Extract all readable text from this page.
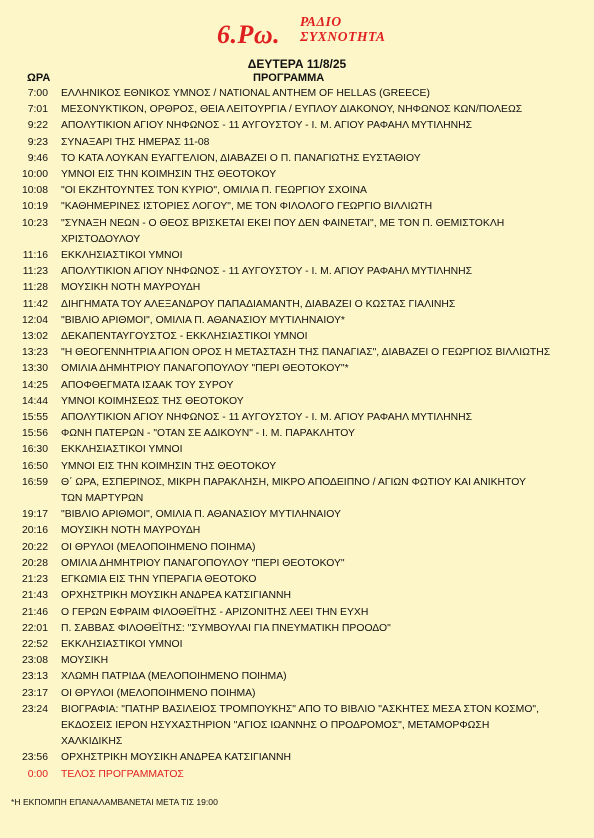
6.Ρω. ΡΑΔΙΟ
ΣΥΧΝΟΤΗΤΑ
ΔΕΥΤΕΡΑ 11/8/25
ΩΡΑ	ΠΡΟΓΡΑΜΜΑ
7:00 ΕΛΛΗΝΙΚΟΣ ΕΘΝΙΚΟΣ ΥΜΝΟΣ / NATIONAL ANTHEM OF HELLAS (GREECE)
7:01 ΜΕΣΟΝΥΚΤΙΚΟΝ, ΟΡΘΡΟΣ, ΘΕΙΑ ΛΕΙΤΟΥΡΓΙΑ / ΕΥΠΛΟΥ ΔΙΑΚΟΝΟΥ, ΝΗΦΩΝΟΣ ΚΩΝ/ΠΟΛΕΩΣ
9:22 ΑΠΟΛΥΤΙΚΙΟΝ ΑΓΙΟΥ ΝΗΦΩΝΟΣ - 11 ΑΥΓΟΥΣΤΟΥ - Ι. Μ. ΑΓΙΟΥ ΡΑΦΑΗΛ ΜΥΤΙΛΗΝΗΣ
9:23 ΣΥΝΑΞΑΡΙ ΤΗΣ ΗΜΕΡΑΣ 11-08
9:46 ΤΟ ΚΑΤΑ ΛΟΥΚΑΝ ΕΥΑΓΓΕΛΙΟΝ, ΔΙΑΒΑΖΕΙ Ο Π. ΠΑΝΑΓΙΩΤΗΣ ΕΥΣΤΑΘΙΟΥ
10:00 ΥΜΝΟΙ ΕΙΣ ΤΗΝ ΚΟΙΜΗΣΙΝ ΤΗΣ ΘΕΟΤΟΚΟΥ
10:08 "ΟΙ ΕΚΖΗΤΟΥΝΤΕΣ ΤΟΝ ΚΥΡΙΟ", ΟΜΙΛΙΑ Π. ΓΕΩΡΓΙΟΥ ΣΧΟΙΝΑ
10:19 "ΚΑΘΗΜΕΡΙΝΕΣ ΙΣΤΟΡΙΕΣ ΛΟΓΟΥ", ΜΕ ΤΟΝ ΦΙΛΟΛΟΓΟ ΓΕΩΡΓΙΟ ΒΙΛΛΙΩΤΗ
10:23 "ΣΥΝΑΞΗ ΝΕΩΝ - Ο ΘΕΟΣ ΒΡΙΣΚΕΤΑΙ ΕΚΕΙ ΠΟΥ ΔΕΝ ΦΑΙΝΕΤΑΙ", ΜΕ ΤΟΝ Π. ΘΕΜΙΣΤΟΚΛΗ
ΧΡΙΣΤΟΔΟΥΛΟΥ
11:16 ΕΚΚΛΗΣΙΑΣΤΙΚΟΙ ΥΜΝΟΙ
11:23 ΑΠΟΛΥΤΙΚΙΟΝ ΑΓΙΟΥ ΝΗΦΩΝΟΣ - 11 ΑΥΓΟΥΣΤΟΥ - Ι. Μ. ΑΓΙΟΥ ΡΑΦΑΗΛ ΜΥΤΙΛΗΝΗΣ
11:28 ΜΟΥΣΙΚΗ ΝΟΤΗ ΜΑΥΡΟΥΔΗ
11:42 ΔΙΗΓΗΜΑΤΑ ΤΟΥ ΑΛΕΞΑΝΔΡΟΥ ΠΑΠΑΔΙΑΜΑΝΤΗ, ΔΙΑΒΑΖΕΙ Ο ΚΩΣΤΑΣ ΓΙΑΛΙΝΗΣ
12:04 "ΒΙΒΛΙΟ ΑΡΙΘΜΟΙ", ΟΜΙΛΙΑ Π. ΑΘΑΝΑΣΙΟΥ ΜΥΤΙΛΗΝΑΙΟΥ*
13:02 ΔΕΚΑΠΕΝΤΑΥΓΟΥΣΤΟΣ - ΕΚΚΛΗΣΙΑΣΤΙΚΟΙ ΥΜΝΟΙ
13:23 "Η ΘΕΟΓΕΝΝΗΤΡΙΑ ΑΓΙΟΝ ΟΡΟΣ Η ΜΕΤΑΣΤΑΣΗ ΤΗΣ ΠΑΝΑΓΙΑΣ", ΔΙΑΒΑΖΕΙ Ο ΓΕΩΡΓΙΟΣ ΒΙΛΛΙΩΤΗΣ
13:30 ΟΜΙΛΙΑ ΔΗΜΗΤΡΙΟΥ ΠΑΝΑΓΟΠΟΥΛΟΥ "ΠΕΡΙ ΘΕΟΤΟΚΟΥ"*
14:25 ΑΠΟΦΘΕΓΜΑΤΑ ΙΣΑΑΚ ΤΟΥ ΣΥΡΟΥ
14:44 ΥΜΝΟΙ ΚΟΙΜΗΣΕΩΣ ΤΗΣ ΘΕΟΤΟΚΟΥ
15:55 ΑΠΟΛΥΤΙΚΙΟΝ ΑΓΙΟΥ ΝΗΦΩΝΟΣ - 11 ΑΥΓΟΥΣΤΟΥ - Ι. Μ. ΑΓΙΟΥ ΡΑΦΑΗΛ ΜΥΤΙΛΗΝΗΣ
15:56 ΦΩΝΗ ΠΑΤΕΡΩΝ - "ΟΤΑΝ ΣΕ ΑΔΙΚΟΥΝ" - Ι. Μ. ΠΑΡΑΚΛΗΤΟΥ
16:30 ΕΚΚΛΗΣΙΑΣΤΙΚΟΙ ΥΜΝΟΙ
16:50 ΥΜΝΟΙ ΕΙΣ ΤΗΝ ΚΟΙΜΗΣΙΝ ΤΗΣ ΘΕΟΤΟΚΟΥ
16:59 Θ΄ ΩΡΑ, ΕΣΠΕΡΙΝΟΣ, ΜΙΚΡΗ ΠΑΡΑΚΛΗΣΗ, ΜΙΚΡΟ ΑΠΟΔΕΙΠΝΟ / ΑΓΙΩΝ ΦΩΤΙΟΥ ΚΑΙ ΑΝΙΚΗΤΟΥ
ΤΩΝ ΜΑΡΤΥΡΩΝ
19:17 "ΒΙΒΛΙΟ ΑΡΙΘΜΟΙ", ΟΜΙΛΙΑ Π. ΑΘΑΝΑΣΙΟΥ ΜΥΤΙΛΗΝΑΙΟΥ
20:16 ΜΟΥΣΙΚΗ ΝΟΤΗ ΜΑΥΡΟΥΔΗ
20:22 ΟΙ ΘΡΥΛΟΙ (ΜΕΛΟΠΟΙΗΜΕΝΟ ΠΟΙΗΜΑ)
20:28 ΟΜΙΛΙΑ ΔΗΜΗΤΡΙΟΥ ΠΑΝΑΓΟΠΟΥΛΟΥ "ΠΕΡΙ ΘΕΟΤΟΚΟΥ"
21:23 ΕΓΚΩΜΙΑ ΕΙΣ ΤΗΝ ΥΠΕΡΑΓΙΑ ΘΕΟΤΟΚΟ
21:43 ΟΡΧΗΣΤΡΙΚΗ ΜΟΥΣΙΚΗ ΑΝΔΡΕΑ ΚΑΤΣΙΓΙΑΝΝΗ
21:46 Ο ΓΕΡΩΝ ΕΦΡΑΙΜ ΦΙΛΟΘΕΪΤΗΣ - ΑΡΙΖΟΝΙΤΗΣ ΛΕΕΙ ΤΗΝ ΕΥΧΗ
22:01 Π. ΣΑΒΒΑΣ ΦΙΛΟΘΕΪΤΗΣ: "ΣΥΜΒΟΥΛΑΙ ΓΙΑ ΠΝΕΥΜΑΤΙΚΗ ΠΡΟΟΔΟ"
22:52 ΕΚΚΛΗΣΙΑΣΤΙΚΟΙ ΥΜΝΟΙ
23:08 ΜΟΥΣΙΚΗ
23:13 ΧΛΩΜΗ ΠΑΤΡΙΔΑ (ΜΕΛΟΠΟΙΗΜΕΝΟ ΠΟΙΗΜΑ)
23:17 ΟΙ ΘΡΥΛΟΙ (ΜΕΛΟΠΟΙΗΜΕΝΟ ΠΟΙΗΜΑ)
23:24 ΒΙΟΓΡΑΦΙΑ: "ΠΑΤΗΡ ΒΑΣΙΛΕΙΟΣ ΤΡΟΜΠΟΥΚΗΣ" ΑΠΟ ΤΟ ΒΙΒΛΙΟ "ΑΣΚΗΤΕΣ ΜΕΣΑ ΣΤΟΝ ΚΟΣΜΟ",
ΕΚΔΟΣΕΙΣ ΙΕΡΟΝ ΗΣΥΧΑΣΤΗΡΙΟΝ "ΑΓΙΟΣ ΙΩΑΝΝΗΣ Ο ΠΡΟΔΡΟΜΟΣ", ΜΕΤΑΜΟΡΦΩΣΗ
ΧΑΛΚΙΔΙΚΗΣ
23:56 ΟΡΧΗΣΤΡΙΚΗ ΜΟΥΣΙΚΗ ΑΝΔΡΕΑ ΚΑΤΣΙΓΙΑΝΝΗ
0:00 ΤΕΛΟΣ ΠΡΟΓΡΑΜΜΑΤΟΣ
*Η ΕΚΠΟΜΠΗ ΕΠΑΝΑΛΑΜΒΑΝΕΤΑΙ ΜΕΤΑ ΤΙΣ 19:00
